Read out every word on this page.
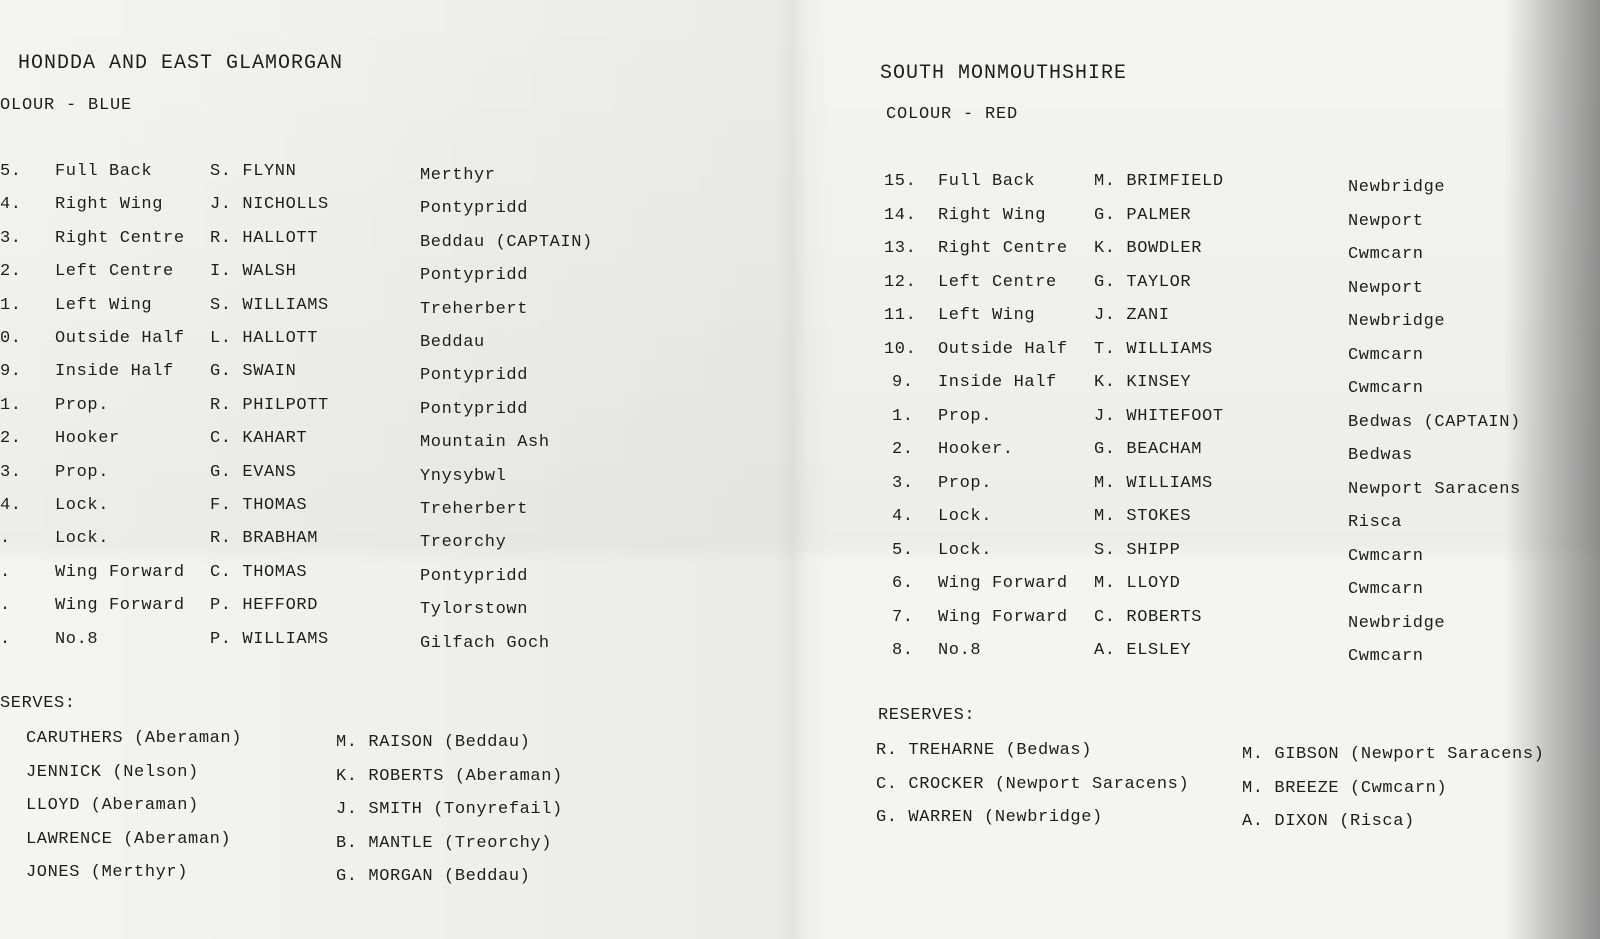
HONDDA AND EAST GLAMORGAN
OLOUR - BLUE
5. Full Back	S. FLYNN	Merthyr
4. Right Wing	J. NICHOLLS	Pontypridd
3. Right Centre R. HALLOTT	Beddau (CAPTAIN)
2. Left Centre I. WALSH	Pontypridd
1. Left Wing	S. WILLIAMS	Treherbert
0. Outside Half L. HALLOTT	Beddau
9. Inside Half G. SWAIN	Pontypridd
1. Prop.	R. PHILPOTT	Pontypridd
2. Hooker	C. KAHART	Mountain Ash
3. Prop.	G. EVANS	Ynysybwl
4. Lock.	F. THOMAS	Treherbert
.	Lock.	R. BRABHAM	Treorchy
.	Wing Forward C. THOMAS	Pontypridd
.	Wing Forward P. HEFFORD	Tylorstown
.	No.8	P. WILLIAMS	Gilfach Goch
SERVES:
CARUTHERS (Aberaman)
JENNICK (Nelson)
LLOYD (Aberaman)
LAWRENCE (Aberaman)
JONES (Merthyr)
M. RAISON (Beddau)
K. ROBERTS (Aberaman)
J. SMITH (Tonyrefail)
B. MANTLE (Treorchy)
G. MORGAN (Beddau)
SOUTH MONMOUTHSHIRE
COLOUR - RED
15. Full Back	M. BRIMFIELD	Newbridge
14. Right Wing	G. PALMER	Newport
13. Right Centre K. BOWDLER	Cwmcarn
12. Left Centre G. TAYLOR	Newport
11. Left Wing	J. ZANI	Newbridge
10. Outside Half T. WILLIAMS	Cwmcarn
9. Inside Half K. KINSEY	Cwmcarn
1. Prop.	J. WHITEFOOT	Bedwas (CAPTAIN)
2. Hooker.	G. BEACHAM	Bedwas
3. Prop.	M. WILLIAMS	Newport Saracens
4. Lock.	M. STOKES	Risca
5. Lock.	S. SHIPP	Cwmcarn
6. Wing Forward M. LLOYD	Cwmcarn
7. Wing Forward C. ROBERTS	Newbridge
8. No.8	A. ELSLEY	Cwmcarn
RESERVES:
R. TREHARNE (Bedwas)
C. CROCKER (Newport Saracens)
G. WARREN (Newbridge)
M. GIBSON (Newport Saracens)
M. BREEZE (Cwmcarn)
A. DIXON (Risca)
